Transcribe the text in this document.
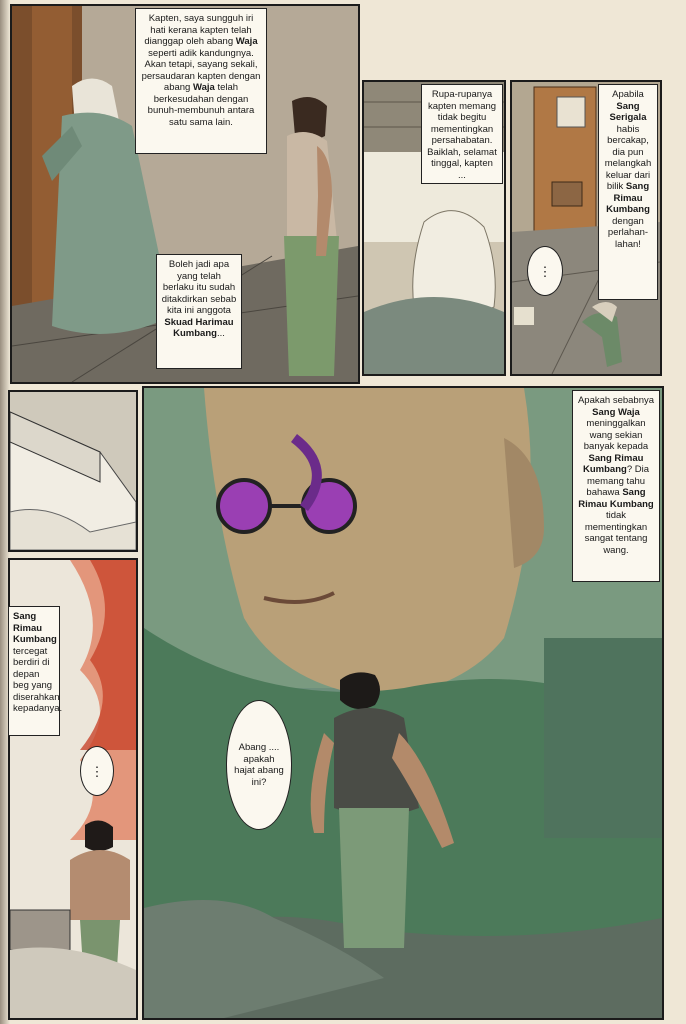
Kapten, saya sungguh iri hati kerana kapten telah dianggap oleh abang Waja seperti adik kandungnya. Akan tetapi, sayang sekali, persaudaran kapten dengan abang Waja telah berkesudahan dengan bunuh-membunuh antara satu sama lain.
Boleh jadi apa yang telah berlaku itu sudah ditakdirkan sebab kita ini anggota Skuad Harimau Kumbang...
Rupa-rupanya kapten memang tidak begitu mementingkan persahabatan. Baiklah, selamat tinggal, kapten ...
Apabila Sang Serigala habis bercakap, dia pun melangkah keluar dari bilik Sang Rimau Kumbang dengan perlahan-lahan!
⋮
Sang Rimau Kumbang tercegat berdiri di depan beg yang diserahkan kepadanya.
⋮
Apakah sebabnya Sang Waja meninggalkan wang sekian banyak kepada Sang Rimau Kumbang? Dia memang tahu bahawa Sang Rimau Kumbang tidak mementingkan sangat tentang wang.
Abang .... apakah hajat abang ini?
